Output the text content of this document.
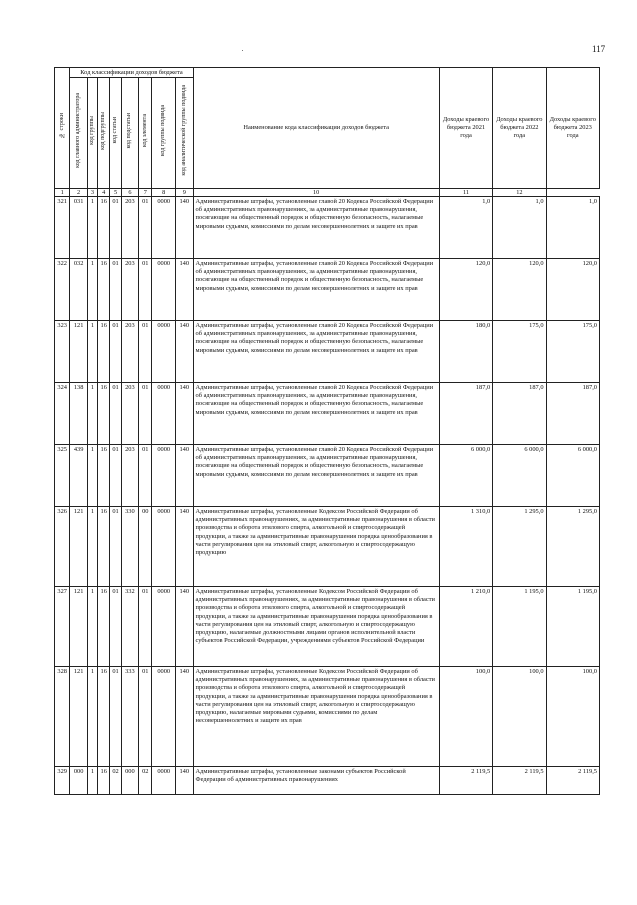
117
№ строки	Код классификации доходов бюджета								Наименование кода классификации доходов бюджета	Доходы краевого бюджета 2021 года	Доходы краевого бюджета 2022 года	Доходы краевого бюджета 2023 года
	код главного администратора	код группы	код подгруппы	код статьи	код подстатьи	код элемента	код группы подвида	код аналитической группы подвида				
1	2	3	4	5	6	7	8	9	10	11	12	
321	031	1	16	01	203	01	0000	140	Административные штрафы, установленные главой 20 Кодекса Российской Федерации об административных правонарушениях, за административные правонарушения, посягающие на общественный порядок и общественную безопасность, налагаемые мировыми судьями, комиссиями по делам несовершеннолетних и защите их прав	1,0	1,0	1,0
322	032	1	16	01	203	01	0000	140	Административные штрафы, установленные главой 20 Кодекса Российской Федерации об административных правонарушениях, за административные правонарушения, посягающие на общественный порядок и общественную безопасность, налагаемые мировыми судьями, комиссиями по делам несовершеннолетних и защите их прав	120,0	120,0	120,0
323	121	1	16	01	203	01	0000	140	Административные штрафы, установленные главой 20 Кодекса Российской Федерации об административных правонарушениях, за административные правонарушения, посягающие на общественный порядок и общественную безопасность, налагаемые мировыми судьями, комиссиями по делам несовершеннолетних и защите их прав	180,0	175,0	175,0
324	138	1	16	01	203	01	0000	140	Административные штрафы, установленные главой 20 Кодекса Российской Федерации об административных правонарушениях, за административные правонарушения, посягающие на общественный порядок и общественную безопасность, налагаемые мировыми судьями, комиссиями по делам несовершеннолетних и защите их прав	187,0	187,0	187,0
325	439	1	16	01	203	01	0000	140	Административные штрафы, установленные главой 20 Кодекса Российской Федерации об административных правонарушениях, за административные правонарушения, посягающие на общественный порядок и общественную безопасность, налагаемые мировыми судьями, комиссиями по делам несовершеннолетних и защите их прав	6 000,0	6 000,0	6 000,0
326	121	1	16	01	330	00	0000	140	Административные штрафы, установленные Кодексом Российской Федерации об административных правонарушениях, за административные правонарушения в области производства и оборота этилового спирта, алкогольной и спиртосодержащей продукции, а также за административные правонарушения порядка ценообразования в части регулирования цен на этиловый спирт, алкогольную и спиртосодержащую продукцию	1 310,0	1 295,0	1 295,0
327	121	1	16	01	332	01	0000	140	Административные штрафы, установленные Кодексом Российской Федерации об административных правонарушениях, за административные правонарушения в области производства и оборота этилового спирта, алкогольной и спиртосодержащей продукции, а также за административные правонарушения порядка ценообразования в части регулирования цен на этиловый спирт, алкогольную и спиртосодержащую продукцию, налагаемые должностными лицами органов исполнительной власти субъектов Российской Федерации, учреждениями субъектов Российской Федерации	1 210,0	1 195,0	1 195,0
328	121	1	16	01	333	01	0000	140	Административные штрафы, установленные Кодексом Российской Федерации об административных правонарушениях, за административные правонарушения в области производства и оборота этилового спирта, алкогольной и спиртосодержащей продукции, а также за административные правонарушения порядка ценообразования в части регулирования цен на этиловый спирт, алкогольную и спиртосодержащую продукцию, налагаемые мировыми судьями, комиссиями по делам несовершеннолетних и защите их прав	100,0	100,0	100,0
329	000	1	16	02	000	02	0000	140	Административные штрафы, установленные законами субъектов Российской Федерации об административных правонарушениях	2 119,5	2 119,5	2 119,5
